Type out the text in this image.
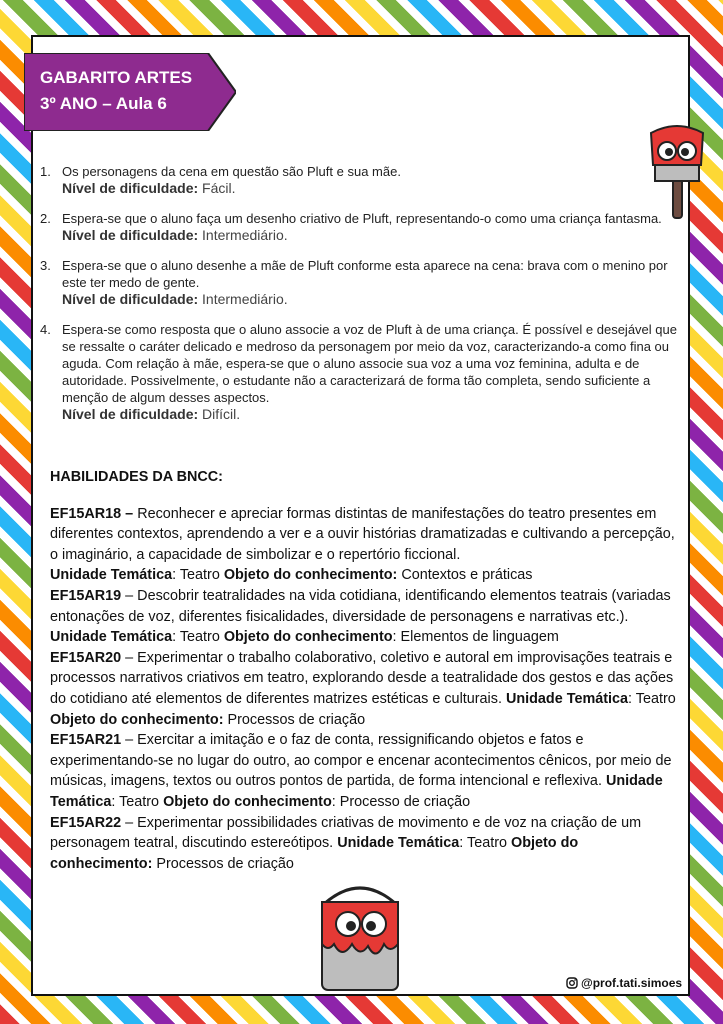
GABARITO ARTES
3º ANO – Aula 6
1. Os personagens da cena em questão são Pluft e sua mãe.
Nível de dificuldade: Fácil.
2. Espera-se que o aluno faça um desenho criativo de Pluft, representando-o como uma criança fantasma.
Nível de dificuldade: Intermediário.
3. Espera-se que o aluno desenhe a mãe de Pluft conforme esta aparece na cena: brava com o menino por este ter medo de gente.
Nível de dificuldade: Intermediário.
4. Espera-se como resposta que o aluno associe a voz de Pluft à de uma criança. É possível e desejável que se ressalte o caráter delicado e medroso da personagem por meio da voz, caracterizando-a como fina ou aguda. Com relação à mãe, espera-se que o aluno associe sua voz a uma voz feminina, adulta e de autoridade. Possivelmente, o estudante não a caracterizará de forma tão completa, sendo suficiente a menção de algum desses aspectos.
Nível de dificuldade: Difícil.
HABILIDADES DA BNCC:

EF15AR18 – Reconhecer e apreciar formas distintas de manifestações do teatro presentes em diferentes contextos, aprendendo a ver e a ouvir histórias dramatizadas e cultivando a percepção, o imaginário, a capacidade de simbolizar e o repertório ficcional.

Unidade Temática: Teatro Objeto do conhecimento: Contextos e práticas

EF15AR19 – Descobrir teatralidades na vida cotidiana, identificando elementos teatrais (variadas entonações de voz, diferentes fisicalidades, diversidade de personagens e narrativas etc.). Unidade Temática: Teatro Objeto do conhecimento: Elementos de linguagem

EF15AR20 – Experimentar o trabalho colaborativo, coletivo e autoral em improvisações teatrais e processos narrativos criativos em teatro, explorando desde a teatralidade dos gestos e das ações do cotidiano até elementos de diferentes matrizes estéticas e culturais. Unidade Temática: Teatro Objeto do conhecimento: Processos de criação

EF15AR21 – Exercitar a imitação e o faz de conta, ressignificando objetos e fatos e experimentando-se no lugar do outro, ao compor e encenar acontecimentos cênicos, por meio de músicas, imagens, textos ou outros pontos de partida, de forma intencional e reflexiva. Unidade Temática: Teatro Objeto do conhecimento: Processo de criação

EF15AR22 – Experimentar possibilidades criativas de movimento e de voz na criação de um personagem teatral, discutindo estereótipos. Unidade Temática: Teatro Objeto do conhecimento: Processos de criação

@prof.tati.simoes
